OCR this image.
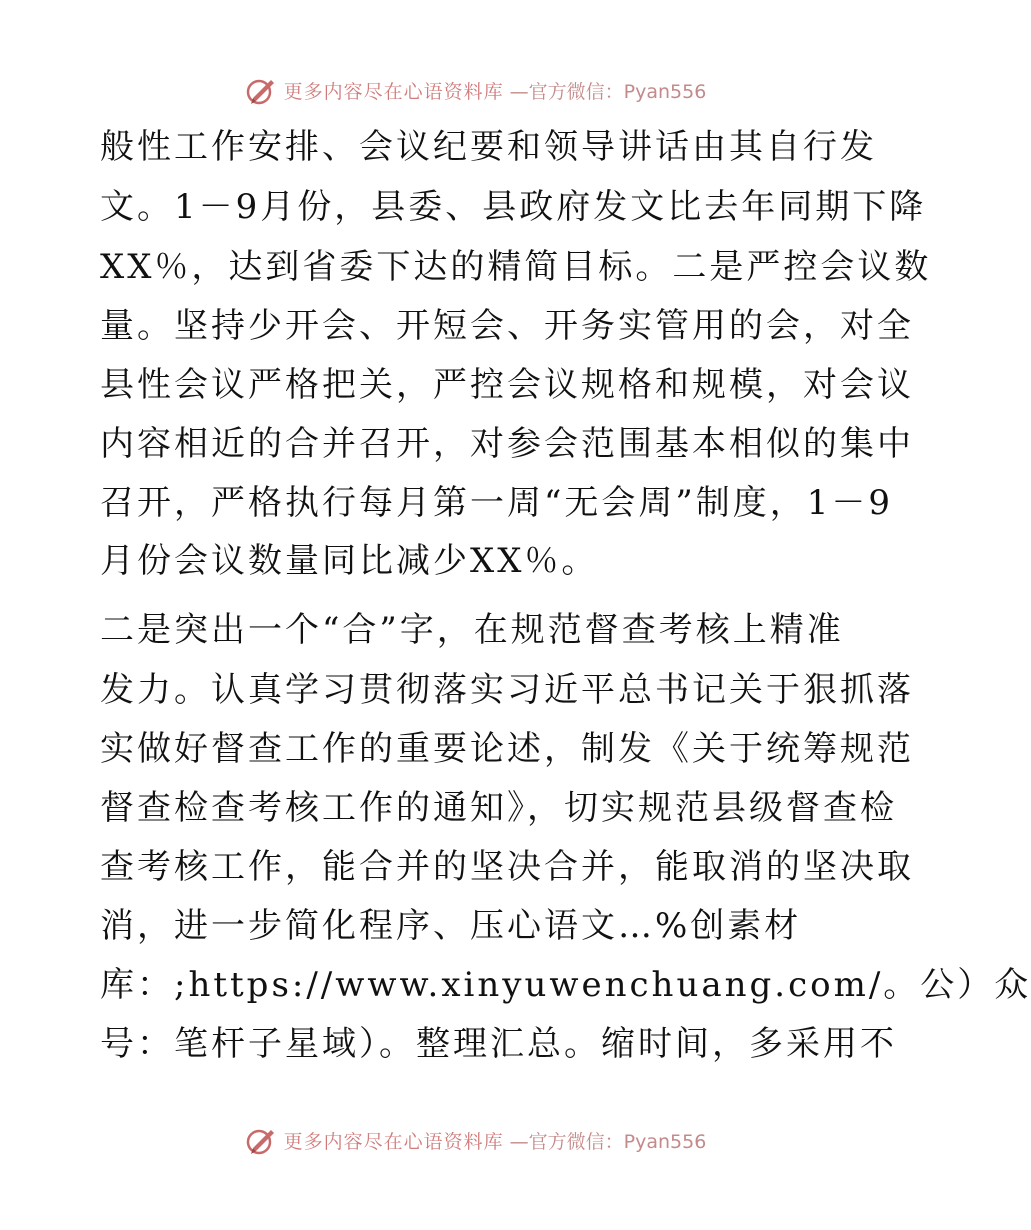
更多内容尽在心语资料库 —官方微信：Pyan556
般性工作安排、会议纪要和领导讲话由其自行发
文。1－9月份，县委、县政府发文比去年同期下降
XX％，达到省委下达的精简目标。二是严控会议数
量。坚持少开会、开短会、开务实管用的会，对全
县性会议严格把关，严控会议规格和规模，对会议
内容相近的合并召开，对参会范围基本相似的集中
召开，严格执行每月第一周“无会周”制度，1－9
月份会议数量同比减少XX％。
二是突出一个“合”字，在规范督查考核上精准
发力。认真学习贯彻落实习近平总书记关于狠抓落
实做好督查工作的重要论述，制发《关于统筹规范
督查检查考核工作的通知》，切实规范县级督查检
查考核工作，能合并的坚决合并，能取消的坚决取
消，进一步简化程序、压心语文…%创素材
库：;https://www.xinyuwenchuang.com/。公）众
号：笔杆子星域）。整理汇总。缩时间，多采用不
更多内容尽在心语资料库 —官方微信：Pyan556
